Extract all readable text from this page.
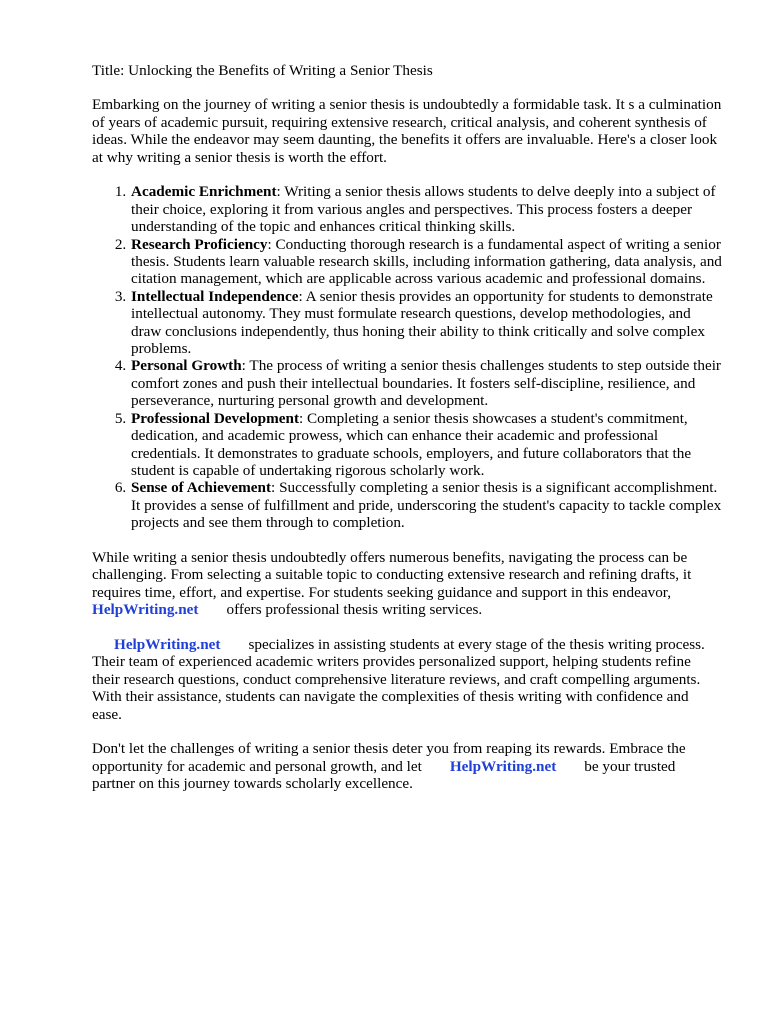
Title: Unlocking the Benefits of Writing a Senior Thesis

Embarking on the journey of writing a senior thesis is undoubtedly a formidable task. It s a culmination of years of academic pursuit, requiring extensive research, critical analysis, and coherent synthesis of ideas. While the endeavor may seem daunting, the benefits it offers are invaluable. Here's a closer look at why writing a senior thesis is worth the effort.

1. Academic Enrichment: Writing a senior thesis allows students to delve deeply into a subject of their choice, exploring it from various angles and perspectives. This process fosters a deeper understanding of the topic and enhances critical thinking skills.
2. Research Proficiency: Conducting thorough research is a fundamental aspect of writing a senior thesis. Students learn valuable research skills, including information gathering, data analysis, and citation management, which are applicable across various academic and professional domains.
3. Intellectual Independence: A senior thesis provides an opportunity for students to demonstrate intellectual autonomy. They must formulate research questions, develop methodologies, and draw conclusions independently, thus honing their ability to think critically and solve complex problems.
4. Personal Growth: The process of writing a senior thesis challenges students to step outside their comfort zones and push their intellectual boundaries. It fosters self-discipline, resilience, and perseverance, nurturing personal growth and development.
5. Professional Development: Completing a senior thesis showcases a student's commitment, dedication, and academic prowess, which can enhance their academic and professional credentials. It demonstrates to graduate schools, employers, and future collaborators that the student is capable of undertaking rigorous scholarly work.
6. Sense of Achievement: Successfully completing a senior thesis is a significant accomplishment. It provides a sense of fulfillment and pride, underscoring the student's capacity to tackle complex projects and see them through to completion.

While writing a senior thesis undoubtedly offers numerous benefits, navigating the process can be challenging. From selecting a suitable topic to conducting extensive research and refining drafts, it requires time, effort, and expertise. For students seeking guidance and support in this endeavor, HelpWriting.net offers professional thesis writing services.

HelpWriting.net specializes in assisting students at every stage of the thesis writing process. Their team of experienced academic writers provides personalized support, helping students refine their research questions, conduct comprehensive literature reviews, and craft compelling arguments. With their assistance, students can navigate the complexities of thesis writing with confidence and ease.

Don't let the challenges of writing a senior thesis deter you from reaping its rewards. Embrace the opportunity for academic and personal growth, and let HelpWriting.net be your trusted partner on this journey towards scholarly excellence.
